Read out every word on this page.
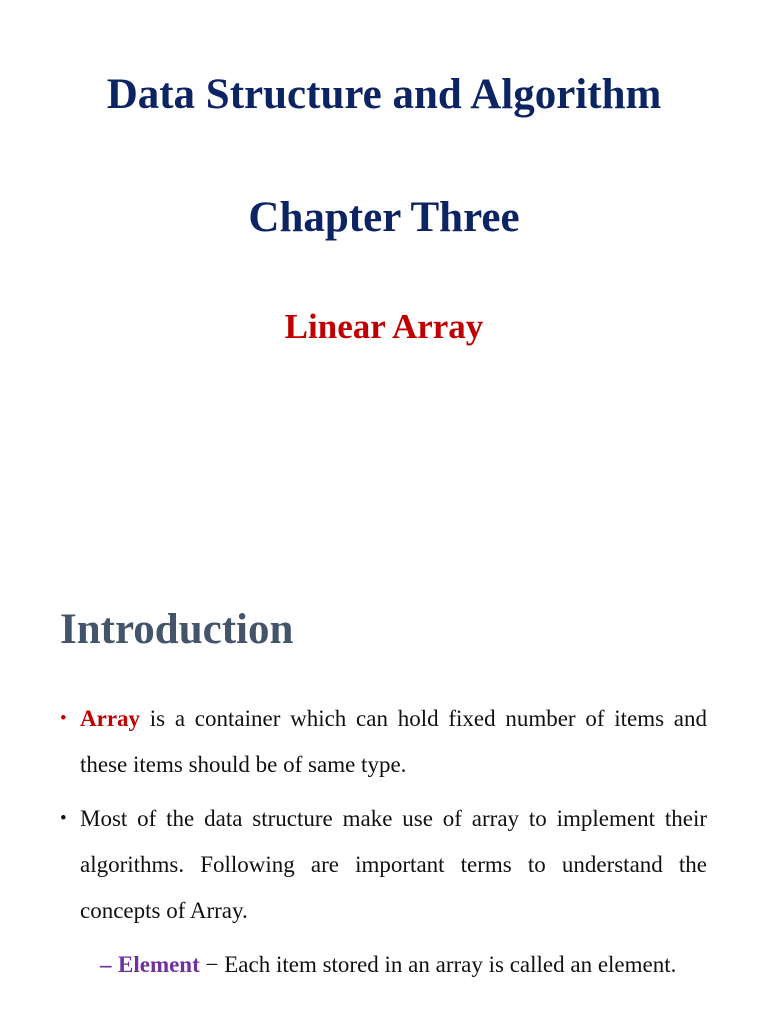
Data Structure and Algorithm
Chapter Three
Linear Array
Introduction
• Array is a container which can hold fixed number of items and these items should be of same type.
• Most of the data structure make use of array to implement their algorithms. Following are important terms to understand the concepts of Array.
– Element − Each item stored in an array is called an element.
